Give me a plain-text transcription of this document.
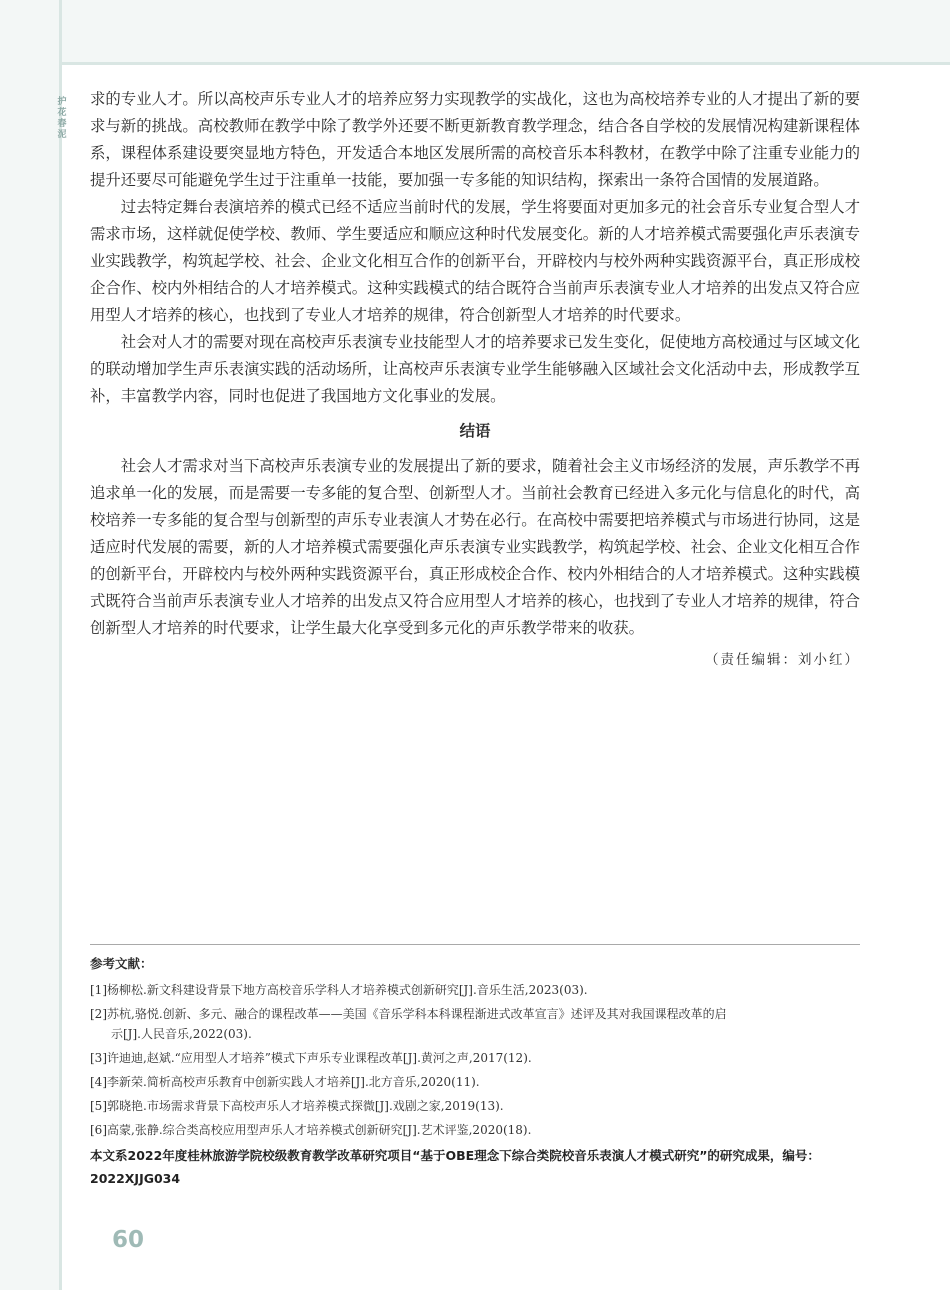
护花春泥

求的专业人才。所以高校声乐专业人才的培养应努力实现教学的实战化，这也为高校培养专业的人才提出了新的要求与新的挑战。高校教师在教学中除了教学外还要不断更新教育教学理念，结合各自学校的发展情况构建新课程体系，课程体系建设要突显地方特色，开发适合本地区发展所需的高校音乐本科教材，在教学中除了注重专业能力的提升还要尽可能避免学生过于注重单一技能，要加强一专多能的知识结构，探索出一条符合国情的发展道路。

过去特定舞台表演培养的模式已经不适应当前时代的发展，学生将要面对更加多元的社会音乐专业复合型人才需求市场，这样就促使学校、教师、学生要适应和顺应这种时代发展变化。新的人才培养模式需要强化声乐表演专业实践教学，构筑起学校、社会、企业文化相互合作的创新平台，开辟校内与校外两种实践资源平台，真正形成校企合作、校内外相结合的人才培养模式。这种实践模式的结合既符合当前声乐表演专业人才培养的出发点又符合应用型人才培养的核心，也找到了专业人才培养的规律，符合创新型人才培养的时代要求。

社会对人才的需要对现在高校声乐表演专业技能型人才的培养要求已发生变化，促使地方高校通过与区域文化的联动增加学生声乐表演实践的活动场所，让高校声乐表演专业学生能够融入区域社会文化活动中去，形成教学互补，丰富教学内容，同时也促进了我国地方文化事业的发展。

结语

社会人才需求对当下高校声乐表演专业的发展提出了新的要求，随着社会主义市场经济的发展，声乐教学不再追求单一化的发展，而是需要一专多能的复合型、创新型人才。当前社会教育已经进入多元化与信息化的时代，高校培养一专多能的复合型与创新型的声乐专业表演人才势在必行。在高校中需要把培养模式与市场进行协同，这是适应时代发展的需要，新的人才培养模式需要强化声乐表演专业实践教学，构筑起学校、社会、企业文化相互合作的创新平台，开辟校内与校外两种实践资源平台，真正形成校企合作、校内外相结合的人才培养模式。这种实践模式既符合当前声乐表演专业人才培养的出发点又符合应用型人才培养的核心，也找到了专业人才培养的规律，符合创新型人才培养的时代要求，让学生最大化享受到多元化的声乐教学带来的收获。

（责任编辑：刘小红）
参考文献：
[1]杨柳松.新文科建设背景下地方高校音乐学科人才培养模式创新研究[J].音乐生活,2023(03).
[2]苏杭,骆悦.创新、多元、融合的课程改革——美国《音乐学科本科课程渐进式改革宣言》述评及其对我国课程改革的启
示[J].人民音乐,2022(03).
[3]许迪迪,赵斌.“应用型人才培养”模式下声乐专业课程改革[J].黄河之声,2017(12).
[4]李新荣.简析高校声乐教育中创新实践人才培养[J].北方音乐,2020(11).
[5]郭晓艳.市场需求背景下高校声乐人才培养模式探微[J].戏剧之家,2019(13).
[6]高蒙,张静.综合类高校应用型声乐人才培养模式创新研究[J].艺术评鉴,2020(18).
本文系2022年度桂林旅游学院校级教育教学改革研究项目“基于OBE理念下综合类院校音乐表演人才模式研究”的研究成果，编号：2022XJJG034
60
